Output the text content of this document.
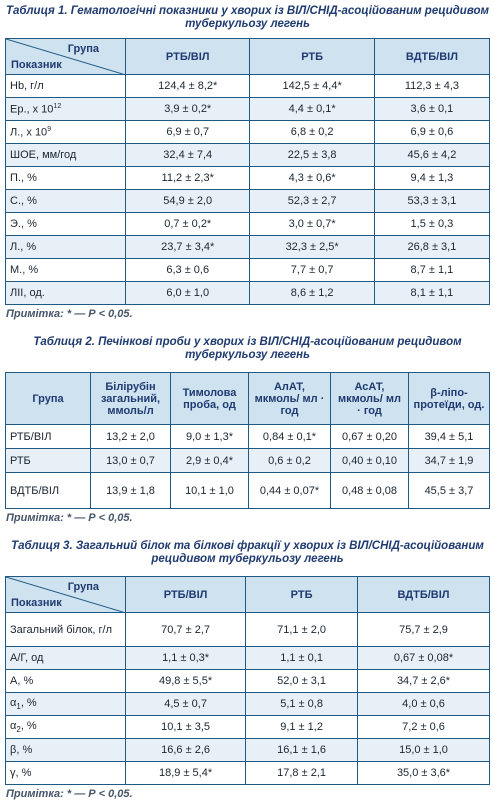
Таблиця 1. Гематологічні показники у хворих із ВІЛ/СНІД-асоційованим рецидивом туберкульозу легень
Група
Показник	РТБ/ВІЛ	РТБ	ВДТБ/ВІЛ
Hb, г/л	124,4 ± 8,2*	142,5 ± 4,4*	112,3 ± 4,3
Ер., х $10^{12}$	3,9 ± 0,2*	4,4 ± 0,1*	3,6 ± 0,1
Л., х $10^9$	6,9 ± 0,7	6,8 ± 0,2	6,9 ± 0,6
ШОЕ, мм/год	32,4 ± 7,4	22,5 ± 3,8	45,6 ± 4,2
П., %	11,2 ± 2,3*	4,3 ± 0,6*	9,4 ± 1,3
С., %	54,9 ± 2,0	52,3 ± 2,7	53,3 ± 3,1
Э., %	0,7 ± 0,2*	3,0 ± 0,7*	1,5 ± 0,3
Л., %	23,7 ± 3,4*	32,3 ± 2,5*	26,8 ± 3,1
М., %	6,3 ± 0,6	7,7 ± 0,7	8,7 ± 1,1
ЛІІ, од.	6,0 ± 1,0	8,6 ± 1,2	8,1 ± 1,1
Примітка: * — Р < 0,05.
Таблиця 2. Печінкові проби у хворих із ВІЛ/СНІД-асоційованим рецидивом туберкульозу легень
Група	Білірубін загальний, ммоль/л	Тимолова проба, од	АлАТ, мкмоль/ мл · год	АсАТ, мкмоль/ мл · год	β-ліпо-протеїди, од.
РТБ/ВІЛ	13,2 ± 2,0	9,0 ± 1,3*	0,84 ± 0,1*	0,67 ± 0,20	39,4 ± 5,1
РТБ	13,0 ± 0,7	2,9 ± 0,4*	0,6 ± 0,2	0,40 ± 0,10	34,7 ± 1,9
ВДТБ/ВІЛ	13,9 ± 1,8	10,1 ± 1,0	0,44 ± 0,07*	0,48 ± 0,08	45,5 ± 3,7
Примітка: * — Р < 0,05.
Таблиця 3. Загальний білок та білкові фракції у хворих із ВІЛ/СНІД-асоційованим рецидивом туберкульозу легень
Група
Показник	РТБ/ВІЛ	РТБ	ВДТБ/ВІЛ
Загальний білок, г/л	70,7 ± 2,7	71,1 ± 2,0	75,7 ± 2,9
А/Г, од	1,1 ± 0,3*	1,1 ± 0,1	0,67 ± 0,08*
А, %	49,8 ± 5,5*	52,0 ± 3,1	34,7 ± 2,6*
$\alpha_1$, %	4,5 ± 0,7	5,1 ± 0,8	4,0 ± 0,6
$\alpha_2$, %	10,1 ± 3,5	9,1 ± 1,2	7,2 ± 0,6
β, %	16,6 ± 2,6	16,1 ± 1,6	15,0 ± 1,0
γ, %	18,9 ± 5,4*	17,8 ± 2,1	35,0 ± 3,6*
Примітка: * — Р < 0,05.
